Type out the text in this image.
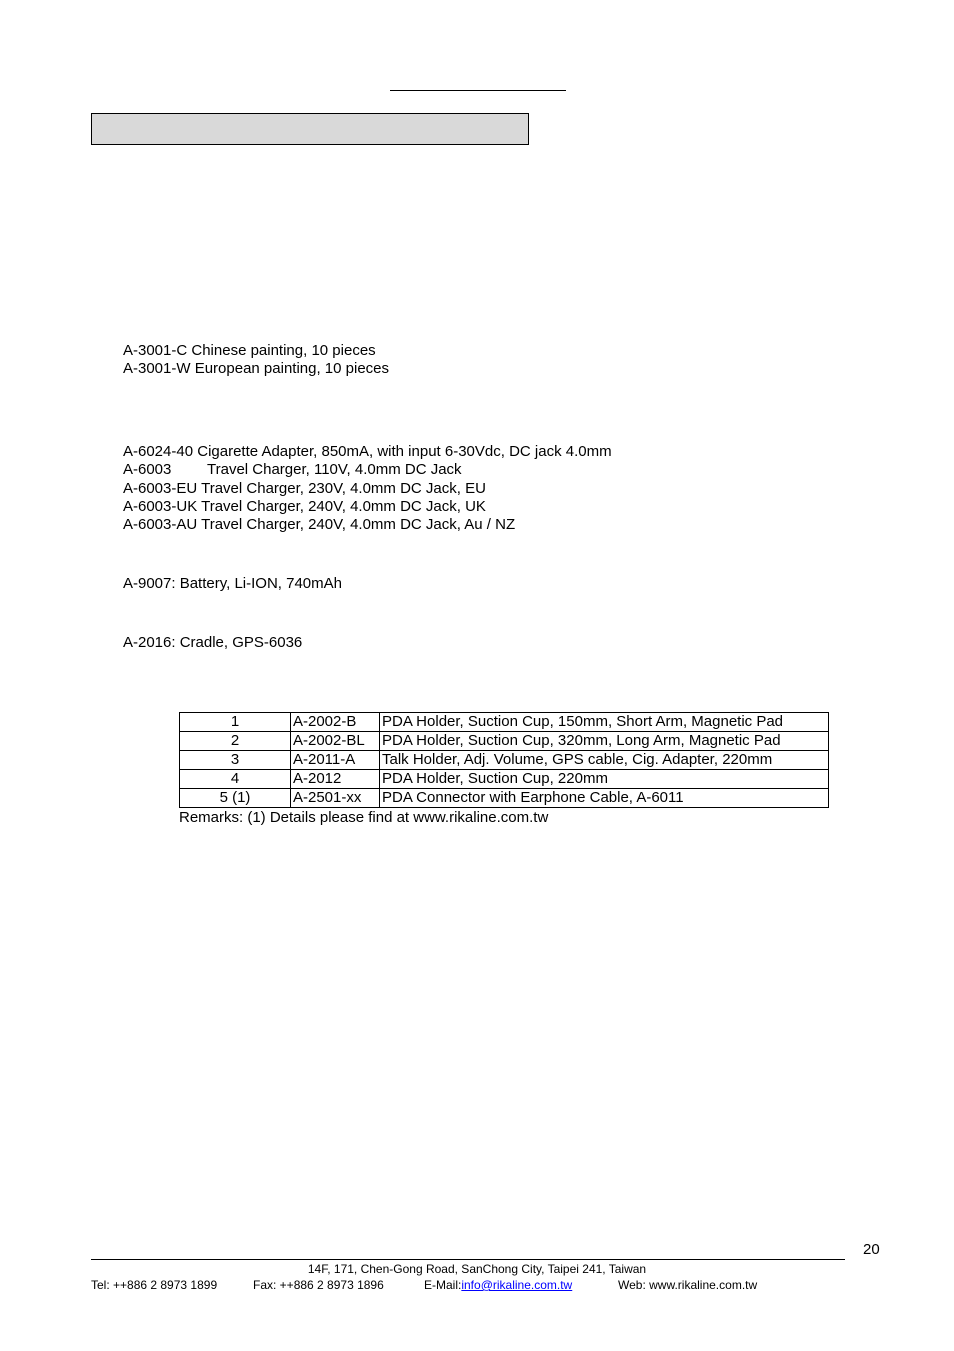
A-3001-C Chinese painting, 10 pieces
A-3001-W European painting, 10 pieces
A-6024-40 Cigarette Adapter, 850mA, with input 6-30Vdc, DC jack 4.0mm
A-6003 Travel Charger, 110V, 4.0mm DC Jack
A-6003-EU Travel Charger, 230V, 4.0mm DC Jack, EU
A-6003-UK Travel Charger, 240V, 4.0mm DC Jack, UK
A-6003-AU Travel Charger, 240V, 4.0mm DC Jack, Au / NZ
A-9007: Battery, Li-ION, 740mAh
A-2016: Cradle, GPS-6036
1	A-2002-B	PDA Holder, Suction Cup, 150mm, Short Arm, Magnetic Pad
2	A-2002-BL	PDA Holder, Suction Cup, 320mm, Long Arm, Magnetic Pad
3	A-2011-A	Talk Holder, Adj. Volume, GPS cable, Cig. Adapter, 220mm
4	A-2012	PDA Holder, Suction Cup, 220mm
5 (1)	A-2501-xx	PDA Connector with Earphone Cable, A-6011
Remarks: (1) Details please find at www.rikaline.com.tw
20
14F, 171, Chen-Gong Road, SanChong City, Taipei 241, Taiwan
Tel: ++886 2 8973 1899	Fax: ++886 2 8973 1896	E-Mail:info@rikaline.com.tw	Web: www.rikaline.com.tw
